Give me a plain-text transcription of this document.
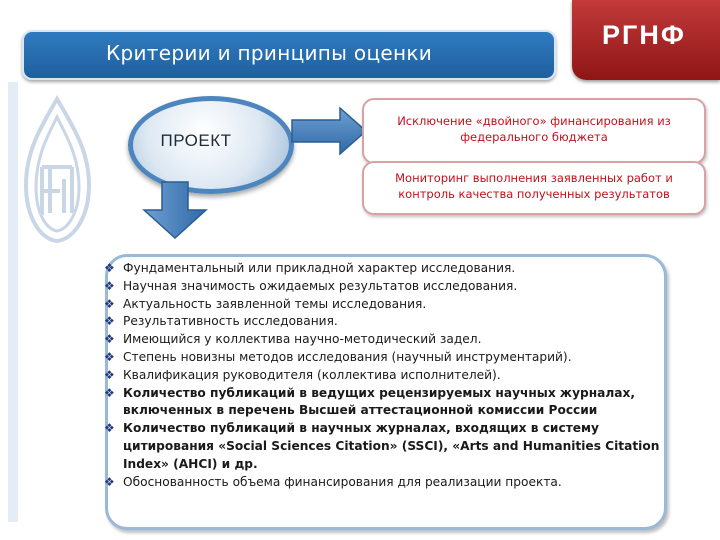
Критерии и принципы оценки
РГНФ
ПРОЕКТ
Исключение «двойного» финансирования из федерального бюджета
Мониторинг выполнения заявленных работ и контроль качества полученных результатов
❖ Фундаментальный или прикладной характер исследования.
❖ Научная значимость ожидаемых результатов исследования.
❖ Актуальность заявленной темы исследования.
❖ Результативность исследования.
❖ Имеющийся у коллектива научно-методический задел.
❖ Степень новизны методов исследования (научный инструментарий).
❖ Квалификация руководителя (коллектива исполнителей).
❖ Количество публикаций в ведущих рецензируемых научных журналах, включенных в перечень Высшей аттестационной комиссии России
❖ Количество публикаций в научных журналах, входящих в систему цитирования «Social Sciences Citation» (SSCI), «Arts and Humanities Citation Index» (AHCI) и др.
❖ Обоснованность объема финансирования для реализации проекта.
